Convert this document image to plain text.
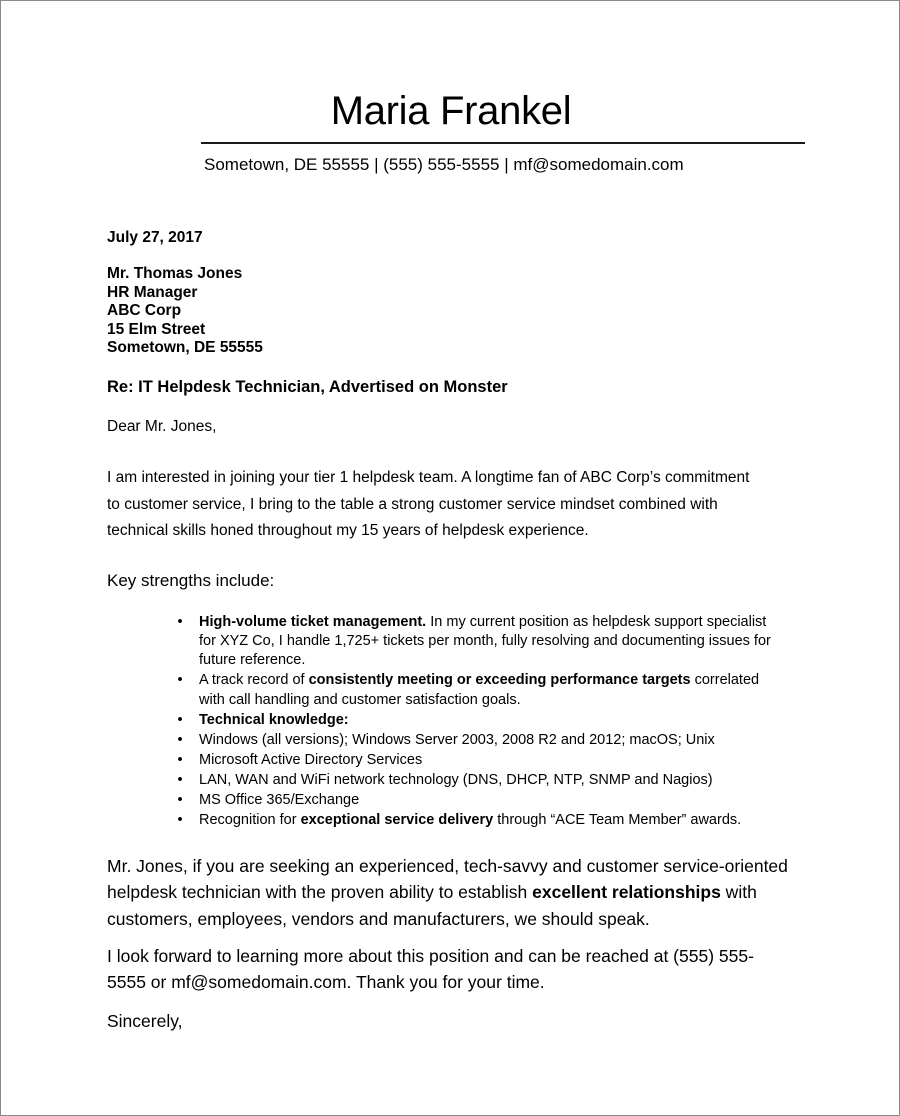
Maria Frankel
Sometown, DE 55555 | (555) 555-5555 | mf@somedomain.com
July 27, 2017
Mr. Thomas Jones
HR Manager
ABC Corp
15 Elm Street
Sometown, DE 55555
Re: IT Helpdesk Technician, Advertised on Monster
Dear Mr. Jones,
I am interested in joining your tier 1 helpdesk team. A longtime fan of ABC Corp’s commitment
to customer service, I bring to the table a strong customer service mindset combined with
technical skills honed throughout my 15 years of helpdesk experience.
Key strengths include:
• High-volume ticket management. In my current position as helpdesk support specialist
for XYZ Co, I handle 1,725+ tickets per month, fully resolving and documenting issues for
future reference.
• A track record of consistently meeting or exceeding performance targets correlated
with call handling and customer satisfaction goals.
• Technical knowledge:
• Windows (all versions); Windows Server 2003, 2008 R2 and 2012; macOS; Unix
• Microsoft Active Directory Services
• LAN, WAN and WiFi network technology (DNS, DHCP, NTP, SNMP and Nagios)
• MS Office 365/Exchange
• Recognition for exceptional service delivery through “ACE Team Member” awards.
Mr. Jones, if you are seeking an experienced, tech-savvy and customer service-oriented
helpdesk technician with the proven ability to establish excellent relationships with
customers, employees, vendors and manufacturers, we should speak.
I look forward to learning more about this position and can be reached at (555) 555-
5555 or mf@somedomain.com. Thank you for your time.
Sincerely,
